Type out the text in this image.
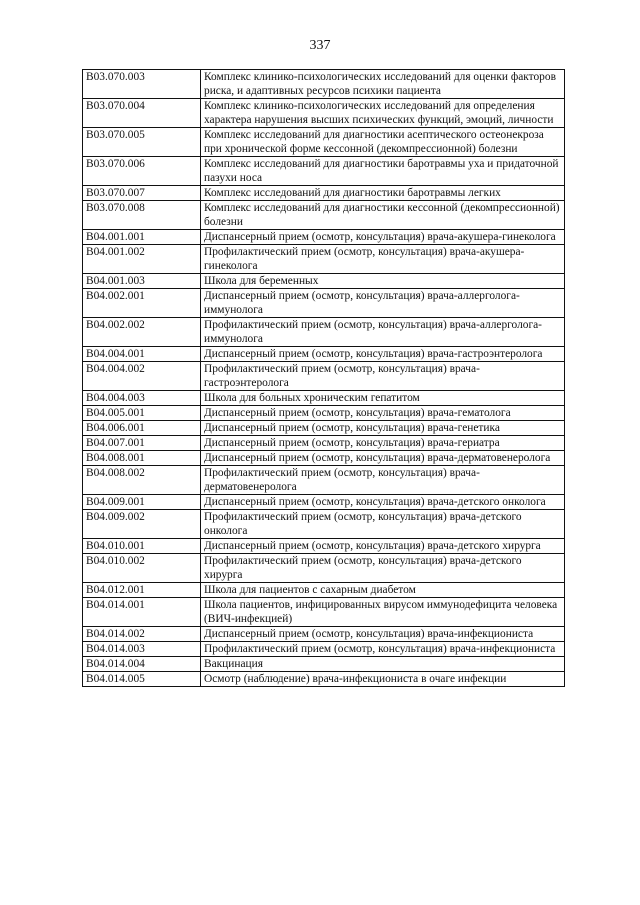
337
B03.070.003	Комплекс клинико-психологических исследований для оценки факторов риска, и адаптивных ресурсов психики пациента
B03.070.004	Комплекс клинико-психологических исследований для определения характера нарушения высших психических функций, эмоций, личности
B03.070.005	Комплекс исследований для диагностики асептического остеонекроза при хронической форме кессонной (декомпрессионной) болезни
B03.070.006	Комплекс исследований для диагностики баротравмы уха и придаточной пазухи носа
B03.070.007	Комплекс исследований для диагностики баротравмы легких
B03.070.008	Комплекс исследований для диагностики кессонной (декомпрессионной) болезни
B04.001.001	Диспансерный прием (осмотр, консультация) врача-акушера-гинеколога
B04.001.002	Профилактический прием (осмотр, консультация) врача-акушера-гинеколога
B04.001.003	Школа для беременных
B04.002.001	Диспансерный прием (осмотр, консультация) врача-аллерголога-иммунолога
B04.002.002	Профилактический прием (осмотр, консультация) врача-аллерголога-иммунолога
B04.004.001	Диспансерный прием (осмотр, консультация) врача-гастроэнтеролога
B04.004.002	Профилактический прием (осмотр, консультация) врача-гастроэнтеролога
B04.004.003	Школа для больных хроническим гепатитом
B04.005.001	Диспансерный прием (осмотр, консультация) врача-гематолога
B04.006.001	Диспансерный прием (осмотр, консультация) врача-генетика
B04.007.001	Диспансерный прием (осмотр, консультация) врача-гериатра
B04.008.001	Диспансерный прием (осмотр, консультация) врача-дерматовенеролога
B04.008.002	Профилактический прием (осмотр, консультация) врача-дерматовенеролога
B04.009.001	Диспансерный прием (осмотр, консультация) врача-детского онколога
B04.009.002	Профилактический прием (осмотр, консультация) врача-детского онколога
B04.010.001	Диспансерный прием (осмотр, консультация) врача-детского хирурга
B04.010.002	Профилактический прием (осмотр, консультация) врача-детского хирурга
B04.012.001	Школа для пациентов с сахарным диабетом
B04.014.001	Школа пациентов, инфицированных вирусом иммунодефицита человека (ВИЧ-инфекцией)
B04.014.002	Диспансерный прием (осмотр, консультация) врача-инфекциониста
B04.014.003	Профилактический прием (осмотр, консультация) врача-инфекциониста
B04.014.004	Вакцинация
B04.014.005	Осмотр (наблюдение) врача-инфекциониста в очаге инфекции
